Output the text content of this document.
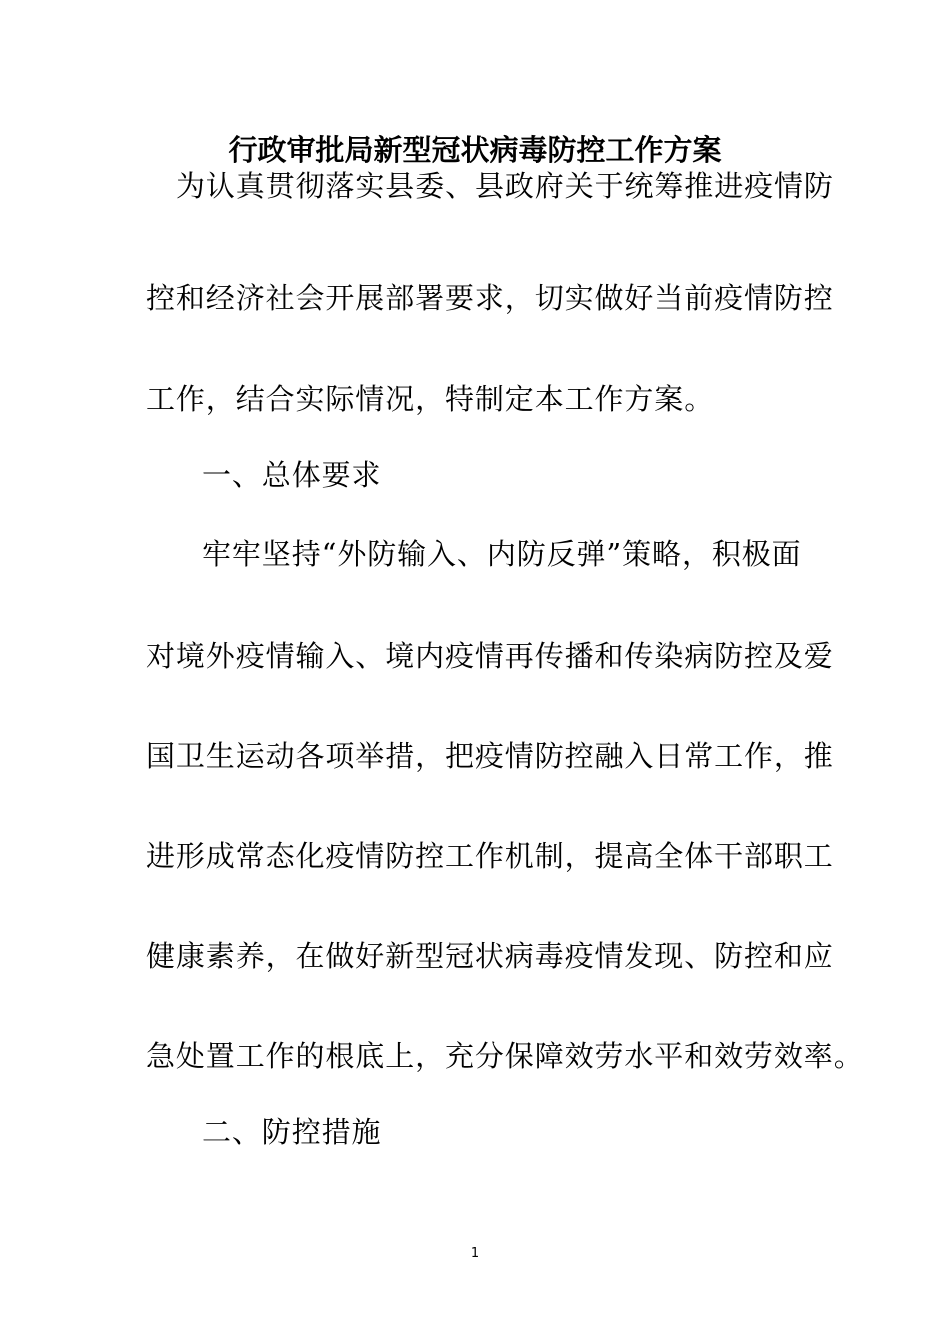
行政审批局新型冠状病毒防控工作方案
为认真贯彻落实县委、县政府关于统筹推进疫情防
控和经济社会开展部署要求，切实做好当前疫情防控
工作，结合实际情况，特制定本工作方案。
一、总体要求
牢牢坚持“外防输入、内防反弹”策略，积极面
对境外疫情输入、境内疫情再传播和传染病防控及爱
国卫生运动各项举措，把疫情防控融入日常工作，推
进形成常态化疫情防控工作机制，提高全体干部职工
健康素养，在做好新型冠状病毒疫情发现、防控和应
急处置工作的根底上，充分保障效劳水平和效劳效率。
二、防控措施
1
